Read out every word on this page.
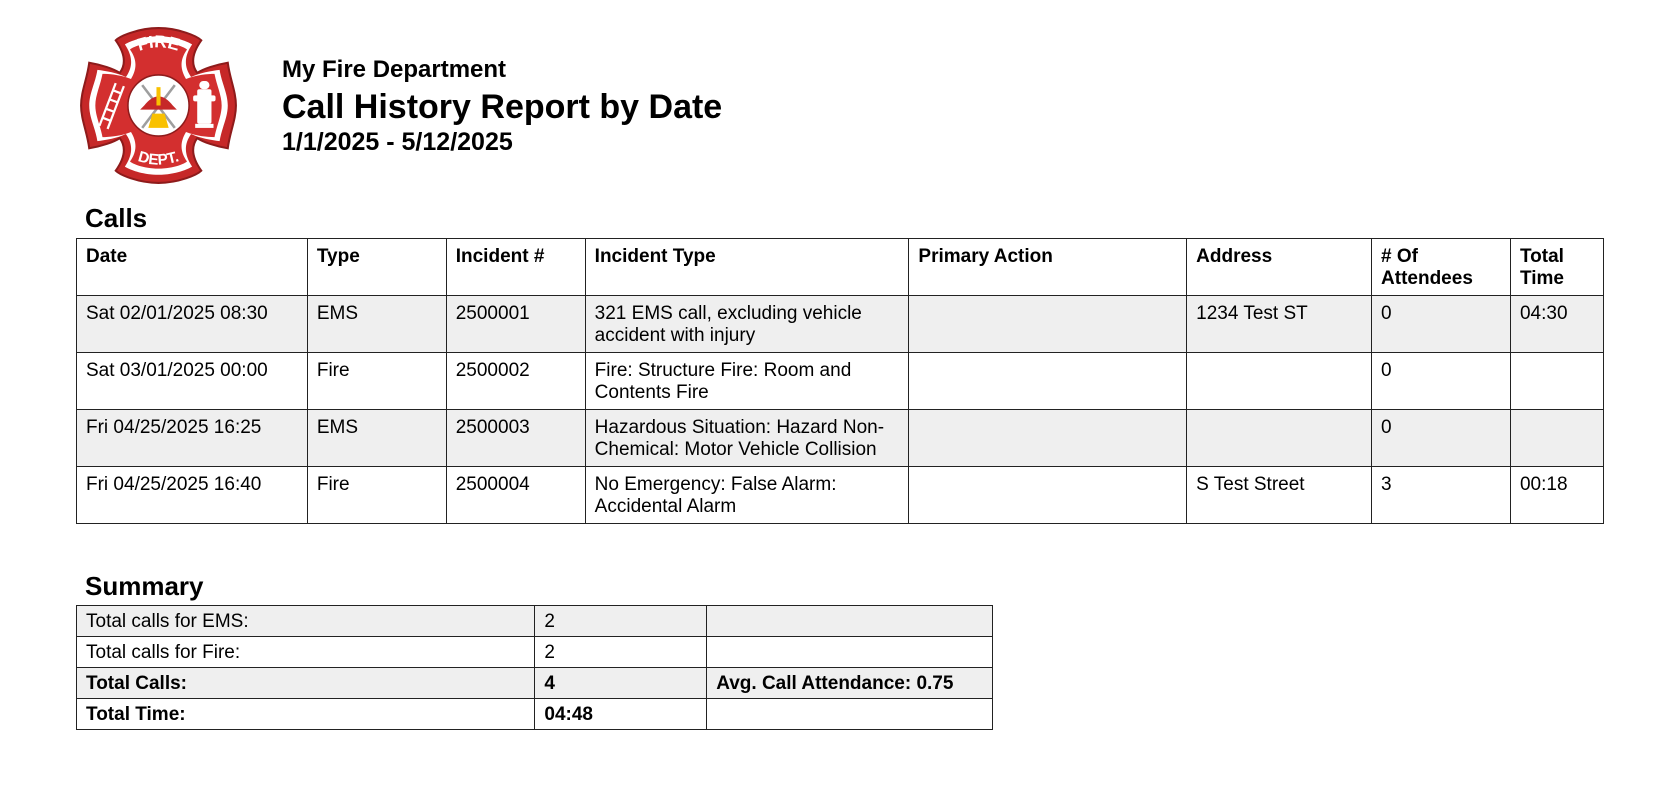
FIRE
DEPT.
My Fire Department
Call History Report by Date
1/1/2025 - 5/12/2025
Calls
Date	Type	Incident #	Incident Type	Primary Action	Address	# Of Attendees	Total Time
Sat 02/01/2025 08:30	EMS	2500001	321 EMS call, excluding vehicle accident with injury		1234 Test ST	0	04:30
Sat 03/01/2025 00:00	Fire	2500002	Fire: Structure Fire: Room and Contents Fire			0	
Fri 04/25/2025 16:25	EMS	2500003	Hazardous Situation: Hazard Non-Chemical: Motor Vehicle Collision			0	
Fri 04/25/2025 16:40	Fire	2500004	No Emergency: False Alarm: Accidental Alarm		S Test Street	3	00:18
Summary
Total calls for EMS:	2	
Total calls for Fire:	2	
Total Calls:	4	Avg. Call Attendance: 0.75
Total Time:	04:48	
